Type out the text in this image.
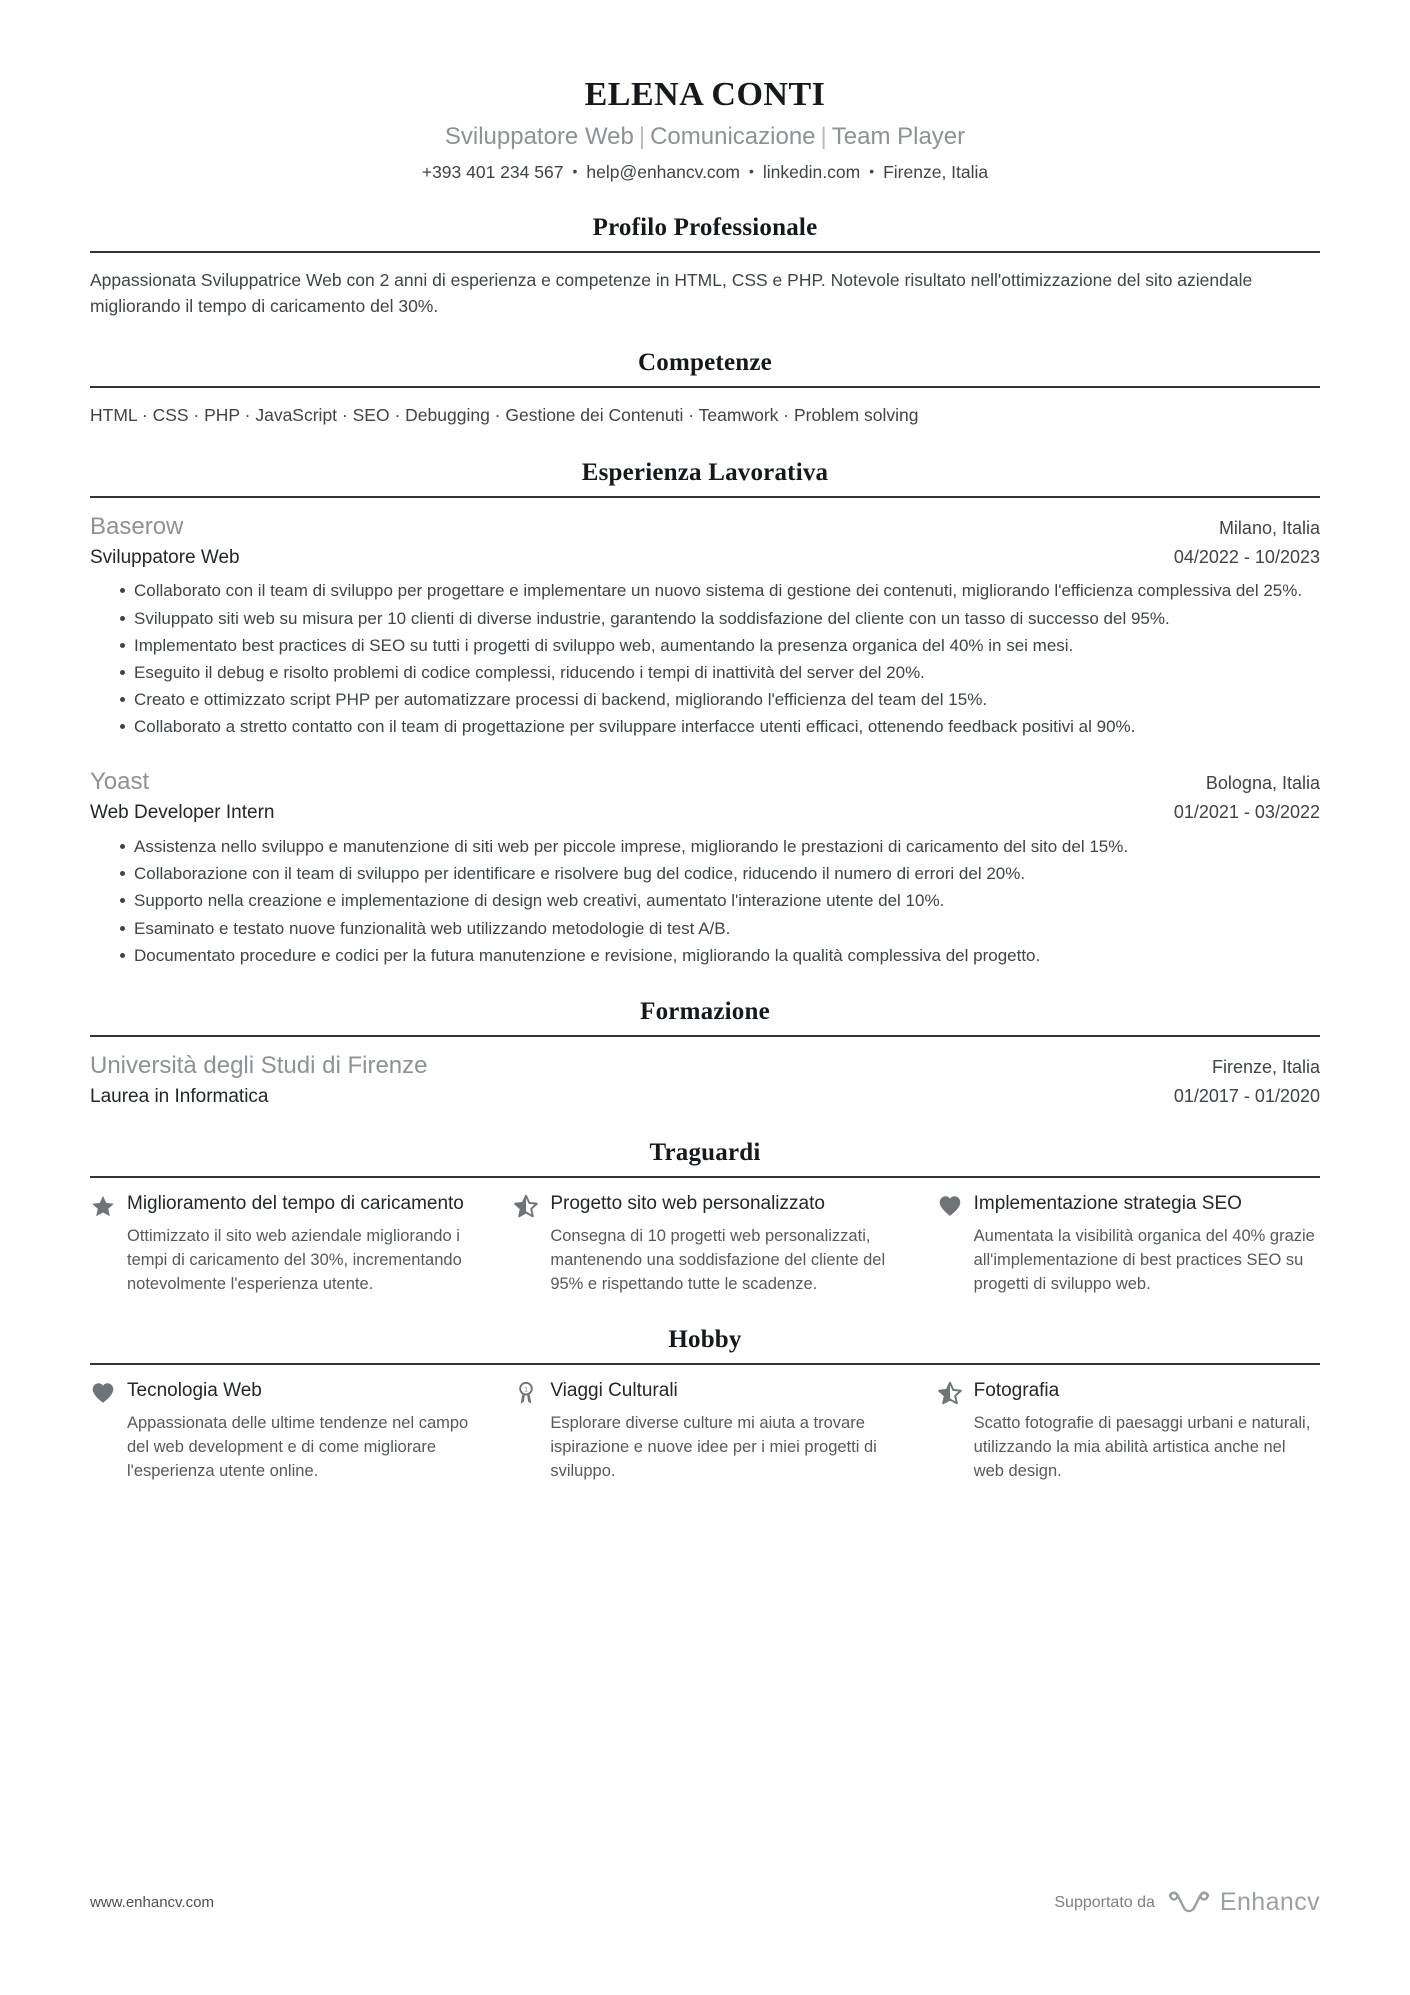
ELENA CONTI
Sviluppatore Web | Comunicazione | Team Player
+393 401 234 567 • help@enhancv.com • linkedin.com • Firenze, Italia
Profilo Professionale
Appassionata Sviluppatrice Web con 2 anni di esperienza e competenze in HTML, CSS e PHP. Notevole risultato nell'ottimizzazione del sito aziendale migliorando il tempo di caricamento del 30%.
Competenze
HTML · CSS · PHP · JavaScript · SEO · Debugging · Gestione dei Contenuti · Teamwork · Problem solving
Esperienza Lavorativa
Baserow	Milano, Italia
Sviluppatore Web	04/2022 - 10/2023
Collaborato con il team di sviluppo per progettare e implementare un nuovo sistema di gestione dei contenuti, migliorando l'efficienza complessiva del 25%.
Sviluppato siti web su misura per 10 clienti di diverse industrie, garantendo la soddisfazione del cliente con un tasso di successo del 95%.
Implementato best practices di SEO su tutti i progetti di sviluppo web, aumentando la presenza organica del 40% in sei mesi.
Eseguito il debug e risolto problemi di codice complessi, riducendo i tempi di inattività del server del 20%.
Creato e ottimizzato script PHP per automatizzare processi di backend, migliorando l'efficienza del team del 15%.
Collaborato a stretto contatto con il team di progettazione per sviluppare interfacce utenti efficaci, ottenendo feedback positivi al 90%.
Yoast	Bologna, Italia
Web Developer Intern	01/2021 - 03/2022
Assistenza nello sviluppo e manutenzione di siti web per piccole imprese, migliorando le prestazioni di caricamento del sito del 15%.
Collaborazione con il team di sviluppo per identificare e risolvere bug del codice, riducendo il numero di errori del 20%.
Supporto nella creazione e implementazione di design web creativi, aumentato l'interazione utente del 10%.
Esaminato e testato nuove funzionalità web utilizzando metodologie di test A/B.
Documentato procedure e codici per la futura manutenzione e revisione, migliorando la qualità complessiva del progetto.
Formazione
Università degli Studi di Firenze	Firenze, Italia
Laurea in Informatica	01/2017 - 01/2020
Traguardi
Miglioramento del tempo di caricamento
Ottimizzato il sito web aziendale migliorando i tempi di caricamento del 30%, incrementando notevolmente l'esperienza utente.
Progetto sito web personalizzato
Consegna di 10 progetti web personalizzati, mantenendo una soddisfazione del cliente del 95% e rispettando tutte le scadenze.
Implementazione strategia SEO
Aumentata la visibilità organica del 40% grazie all'implementazione di best practices SEO su progetti di sviluppo web.
Hobby
Tecnologia Web
Appassionata delle ultime tendenze nel campo del web development e di come migliorare l'esperienza utente online.
1 Viaggi Culturali
Esplorare diverse culture mi aiuta a trovare ispirazione e nuove idee per i miei progetti di sviluppo.
Fotografia
Scatto fotografie di paesaggi urbani e naturali, utilizzando la mia abilità artistica anche nel web design.
www.enhancv.com	Supportato da	Enhancv
